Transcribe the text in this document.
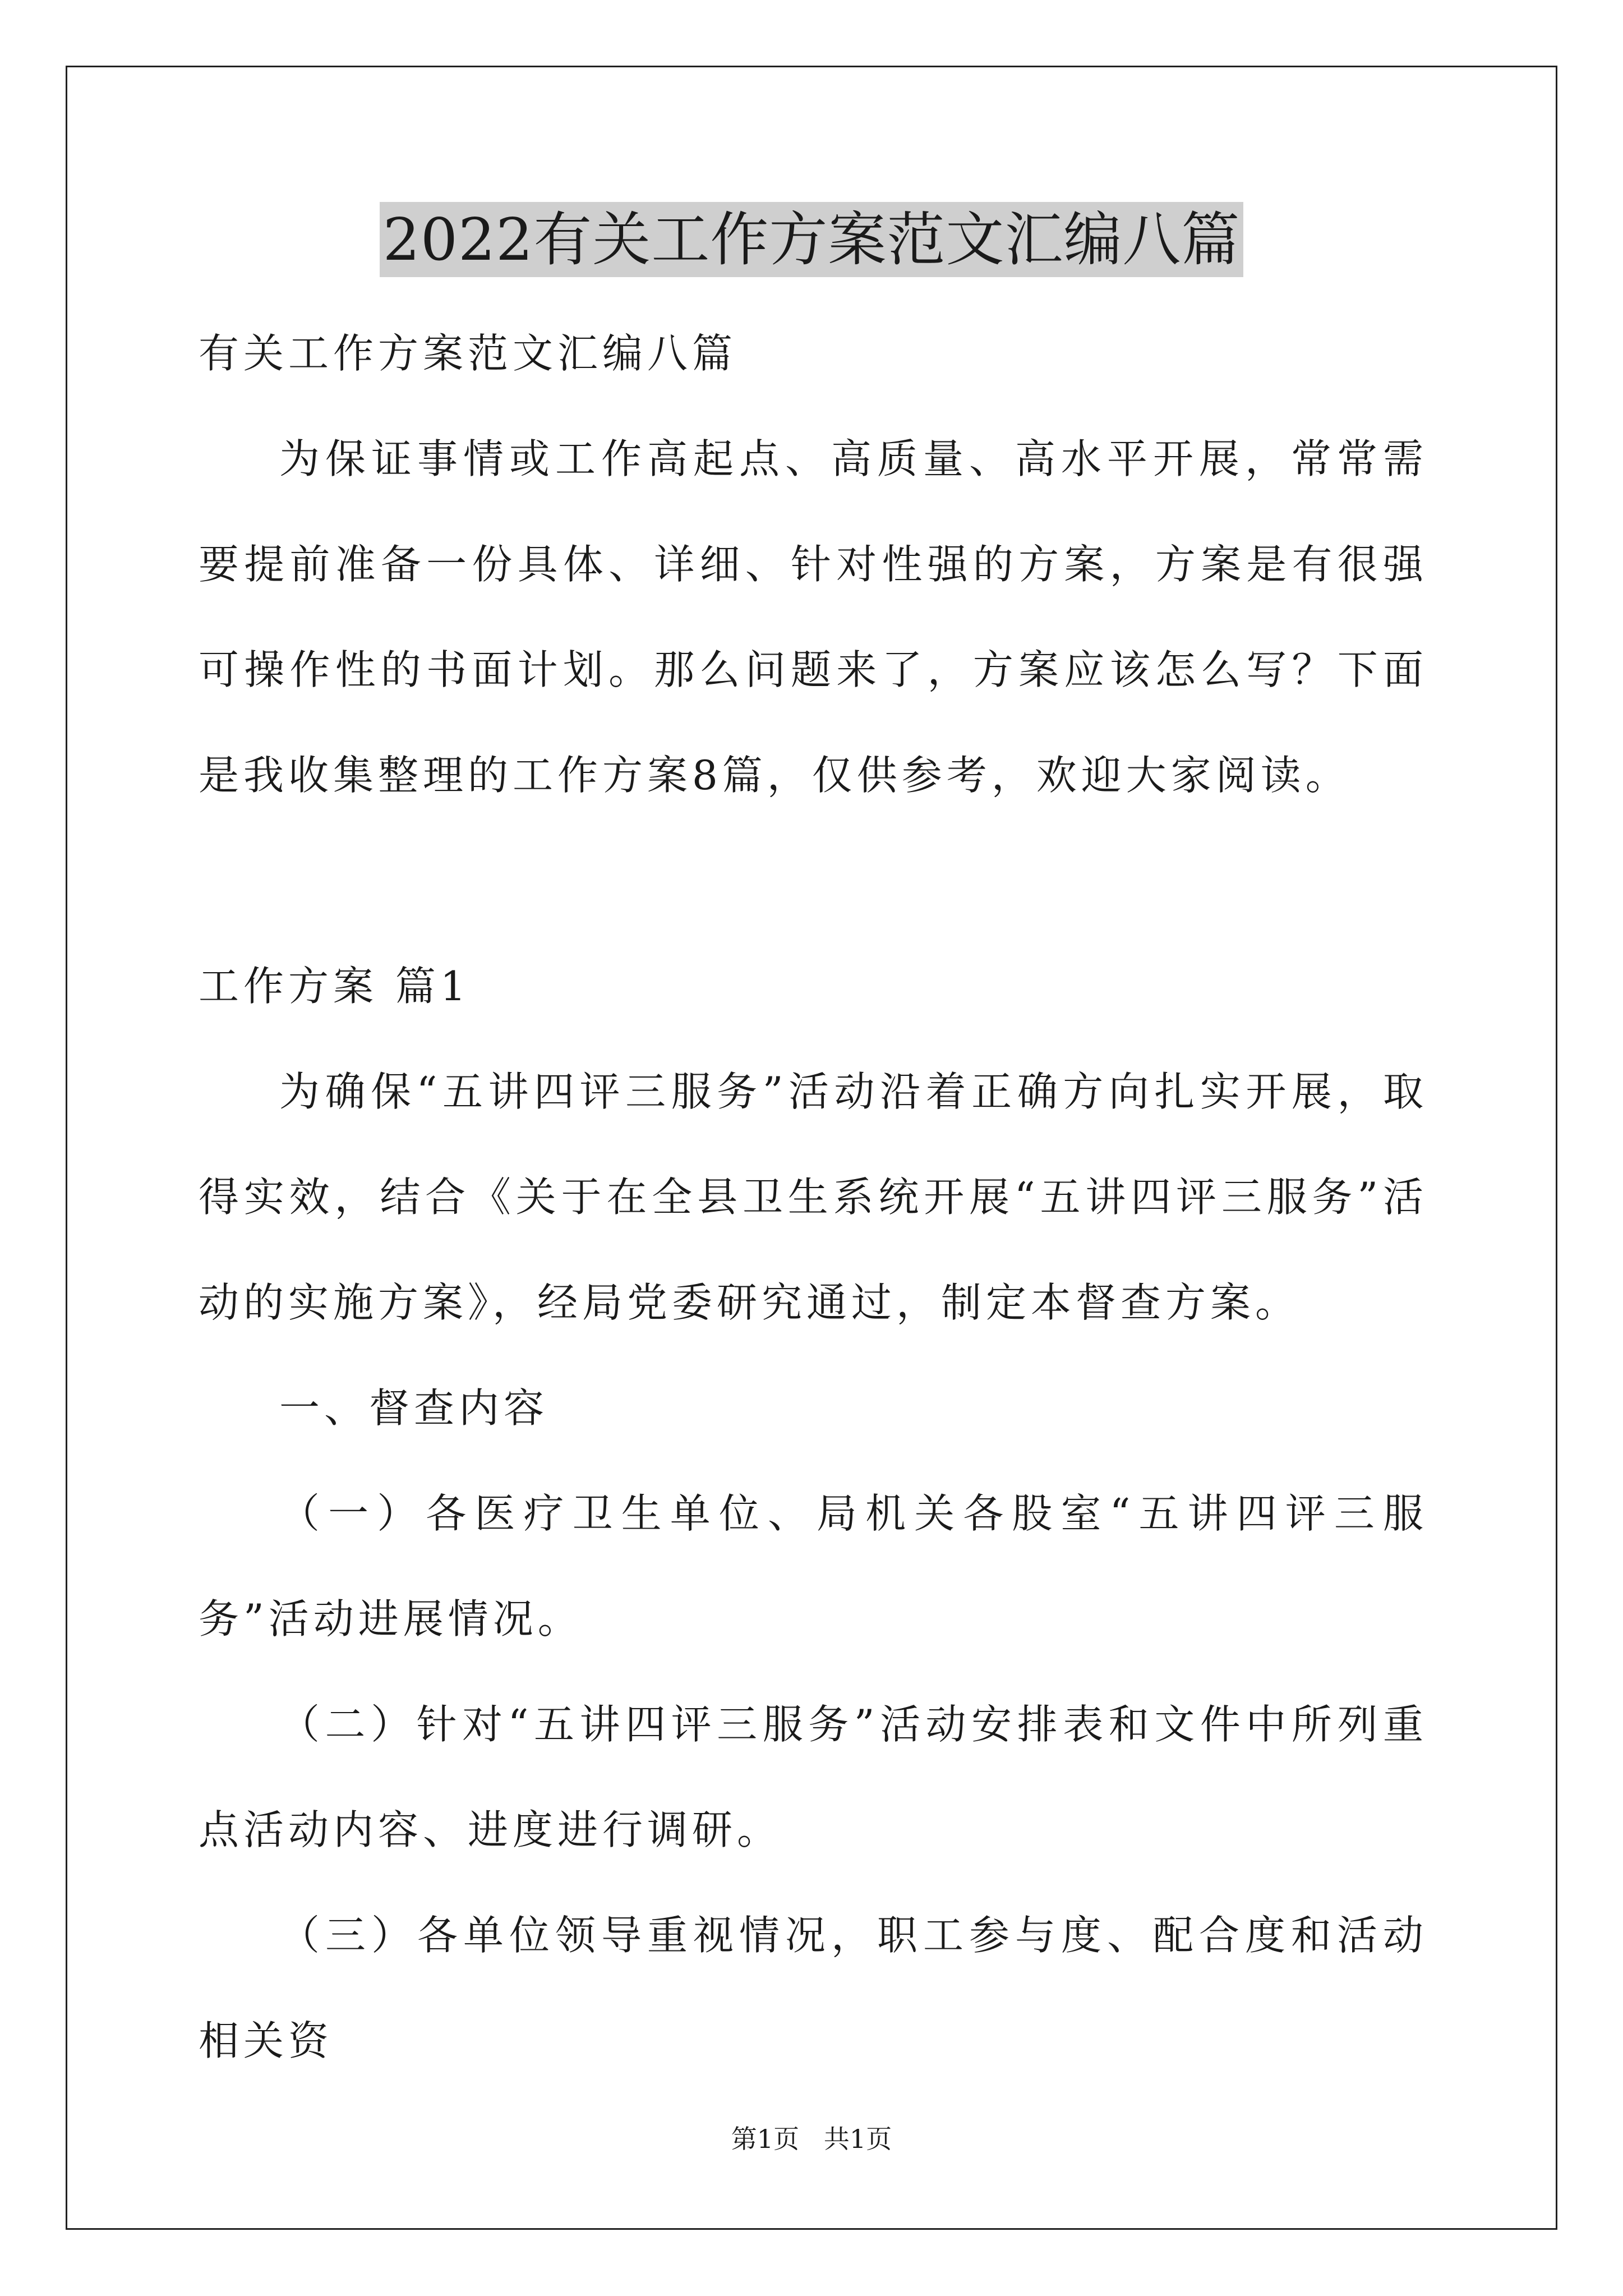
2022有关工作方案范文汇编八篇

有关工作方案范文汇编八篇

为保证事情或工作高起点、高质量、高水平开展，常常需要提前准备一份具体、详细、针对性强的方案，方案是有很强可操作性的书面计划。那么问题来了，方案应该怎么写？下面是我收集整理的工作方案8篇，仅供参考，欢迎大家阅读。

工作方案 篇1

为确保“五讲四评三服务”活动沿着正确方向扎实开展，取得实效，结合《关于在全县卫生系统开展“五讲四评三服务”活动的实施方案》，经局党委研究通过，制定本督查方案。

一、督查内容

（一）各医疗卫生单位、局机关各股室“五讲四评三服务”活动进展情况。

（二）针对“五讲四评三服务”活动安排表和文件中所列重点活动内容、进度进行调研。

（三）各单位领导重视情况，职工参与度、配合度和活动相关资

第1页   共1页
